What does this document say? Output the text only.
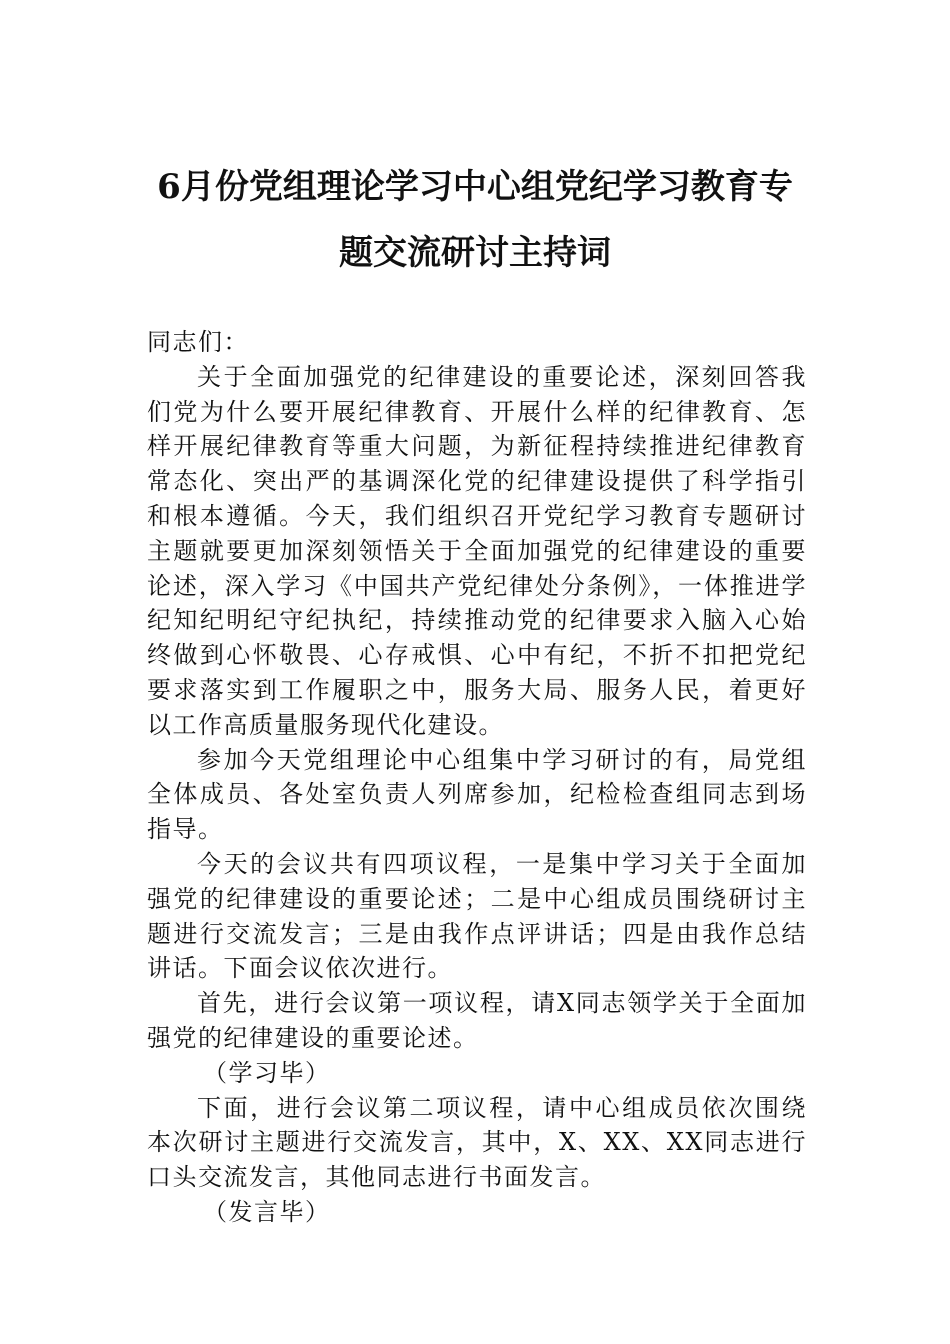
6月份党组理论学习中心组党纪学习教育专
题交流研讨主持词

同志们：

关于全面加强党的纪律建设的重要论述，深刻回答我们党为什么要开展纪律教育、开展什么样的纪律教育、怎样开展纪律教育等重大问题，为新征程持续推进纪律教育常态化、突出严的基调深化党的纪律建设提供了科学指引和根本遵循。今天，我们组织召开党纪学习教育专题研讨主题就要更加深刻领悟关于全面加强党的纪律建设的重要论述，深入学习《中国共产党纪律处分条例》，一体推进学纪知纪明纪守纪执纪，持续推动党的纪律要求入脑入心始终做到心怀敬畏、心存戒惧、心中有纪，不折不扣把党纪要求落实到工作履职之中，服务大局、服务人民，着更好以工作高质量服务现代化建设。

参加今天党组理论中心组集中学习研讨的有，局党组全体成员、各处室负责人列席参加，纪检检查组同志到场指导。

今天的会议共有四项议程，一是集中学习关于全面加强党的纪律建设的重要论述；二是中心组成员围绕研讨主题进行交流发言；三是由我作点评讲话；四是由我作总结讲话。下面会议依次进行。

首先，进行会议第一项议程，请X同志领学关于全面加强党的纪律建设的重要论述。

（学习毕）

下面，进行会议第二项议程，请中心组成员依次围绕本次研讨主题进行交流发言，其中，X、XX、XX同志进行口头交流发言，其他同志进行书面发言。

（发言毕）
